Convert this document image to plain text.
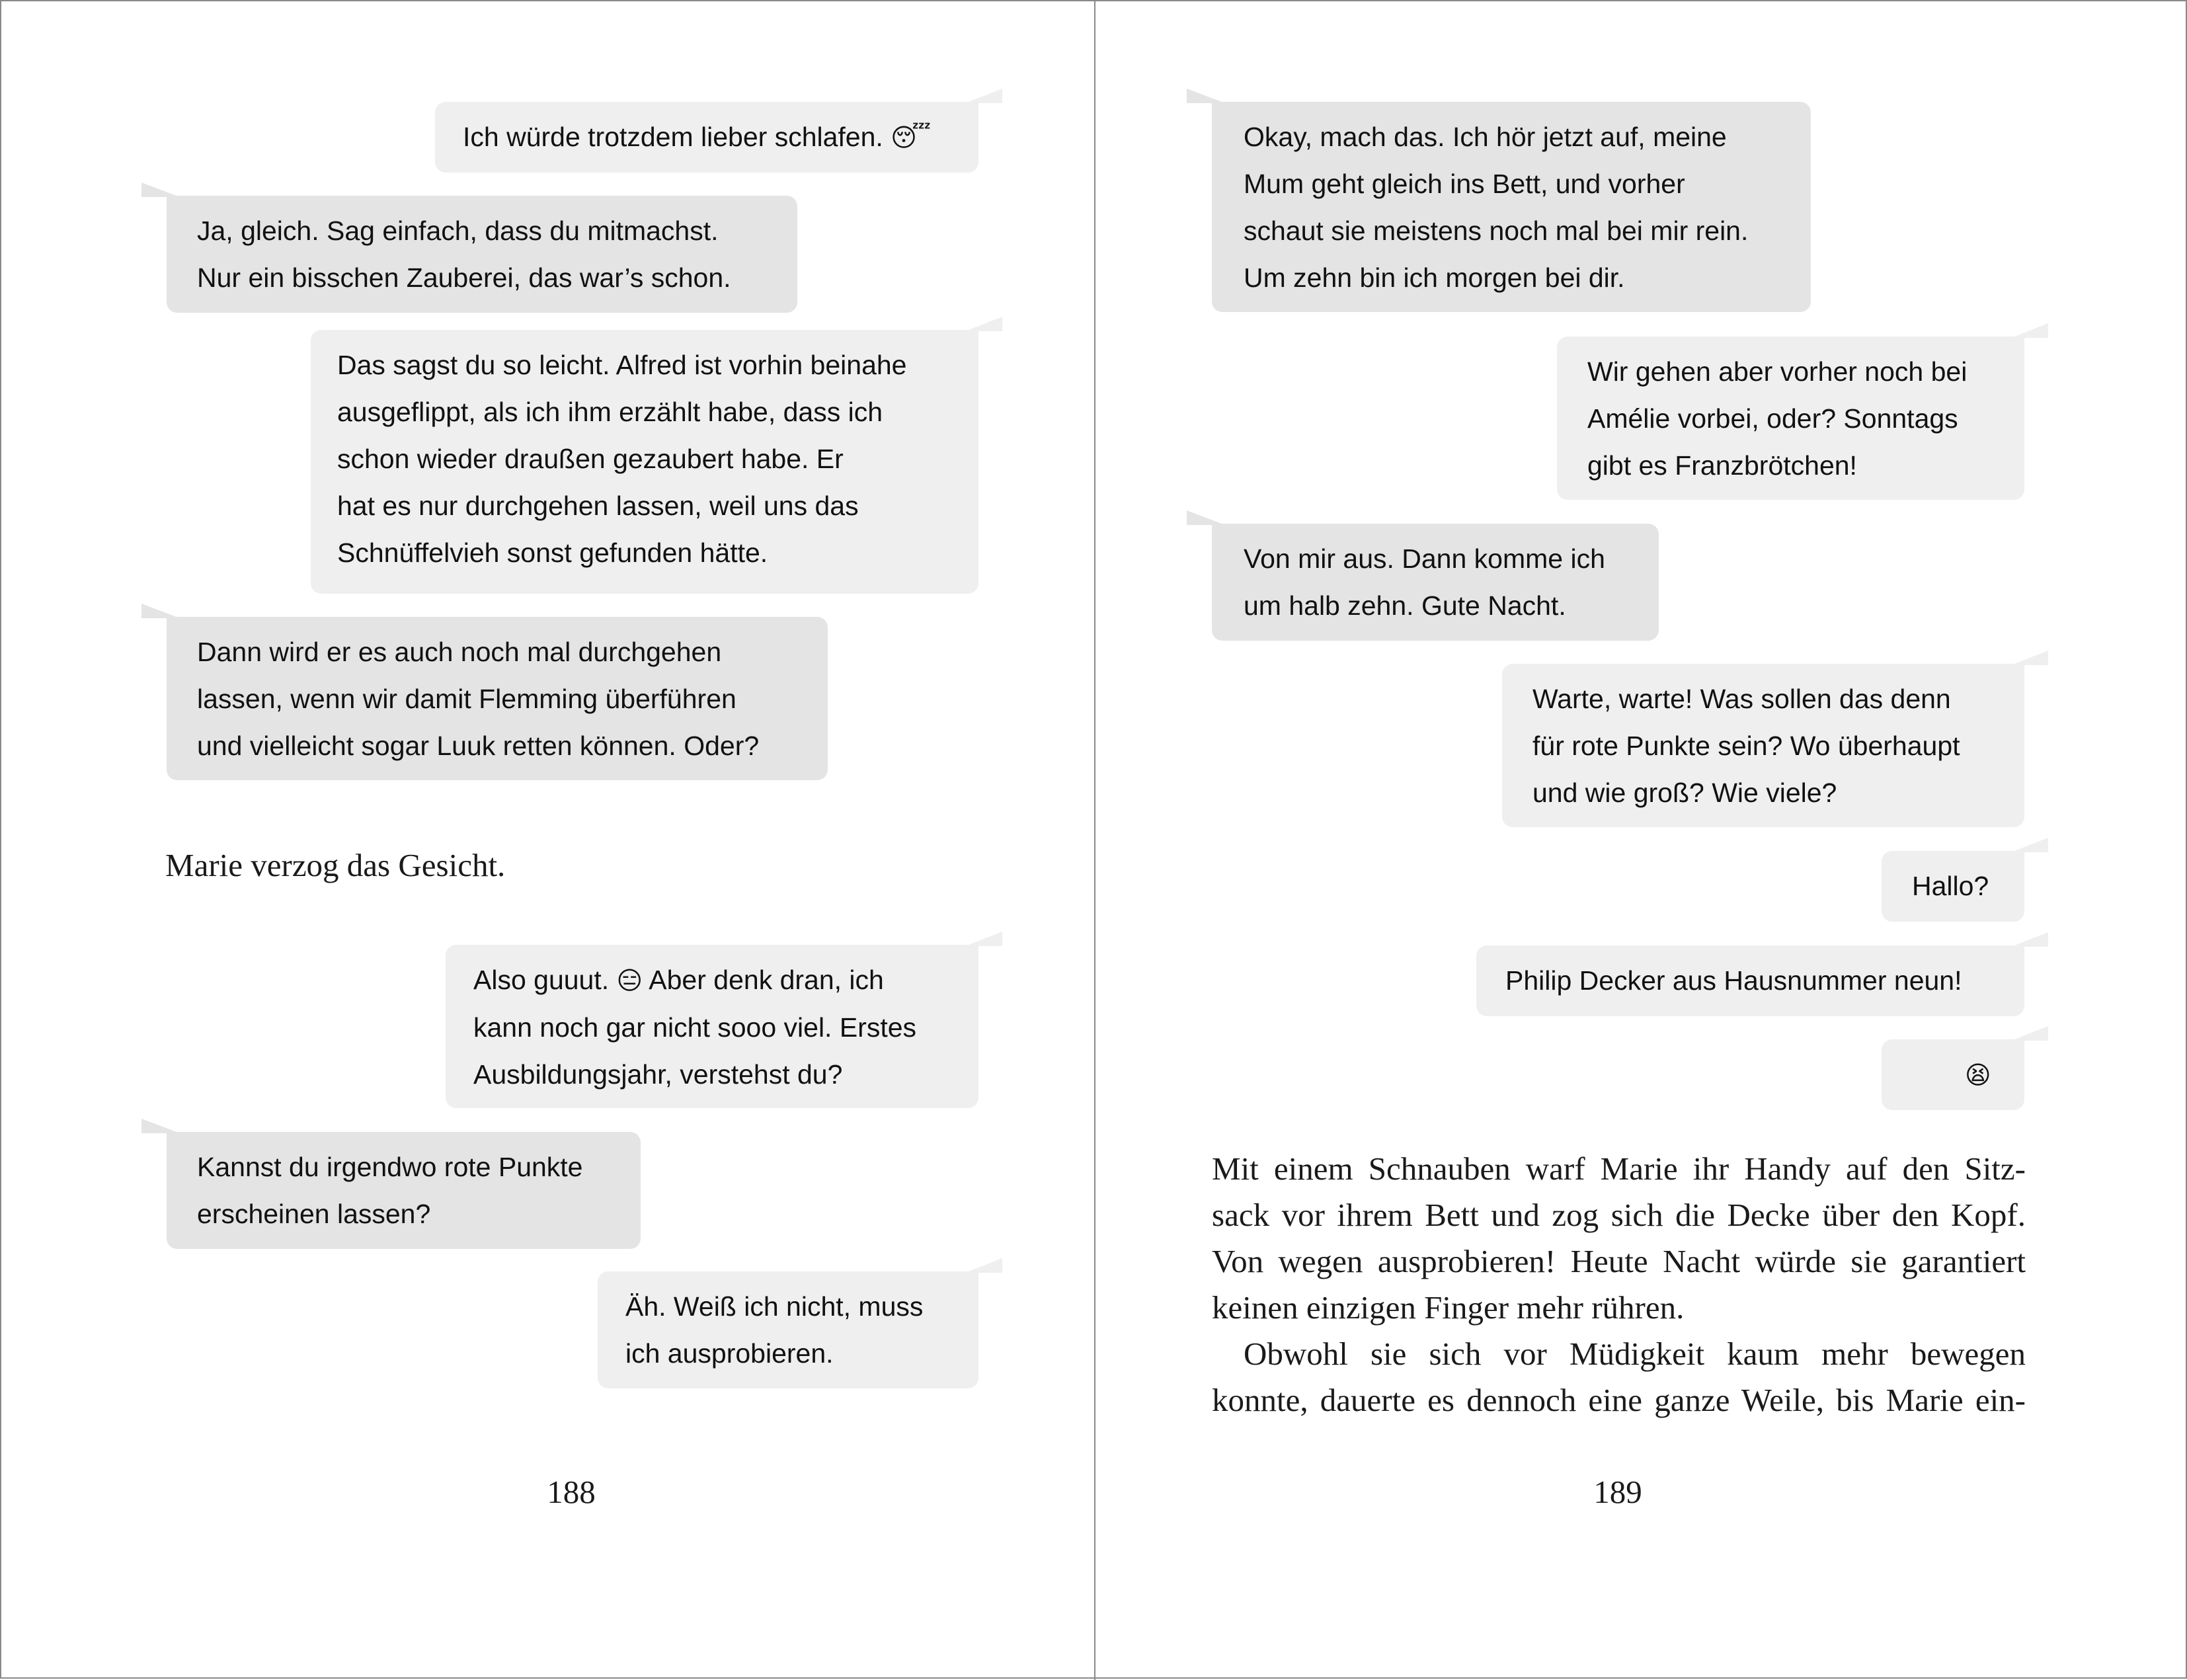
Ich würde trotzdem lieber schlafen. 😴
Ja, gleich. Sag einfach, dass du mitmachst.
Nur ein bisschen Zauberei, das war’s schon.
Das sagst du so leicht. Alfred ist vorhin beinahe
ausgeflippt, als ich ihm erzählt habe, dass ich
schon wieder draußen gezaubert habe. Er
hat es nur durchgehen lassen, weil uns das
Schnüffelvieh sonst gefunden hätte.
Dann wird er es auch noch mal durchgehen
lassen, wenn wir damit Flemming überführen
und vielleicht sogar Luuk retten können. Oder?

Marie verzog das Gesicht.

Also guuut. 😑 Aber denk dran, ich
kann noch gar nicht sooo viel. Erstes
Ausbildungsjahr, verstehst du?
Kannst du irgendwo rote Punkte
erscheinen lassen?
Äh. Weiß ich nicht, muss
ich ausprobieren.
188
Okay, mach das. Ich hör jetzt auf, meine
Mum geht gleich ins Bett, und vorher
schaut sie meistens noch mal bei mir rein.
Um zehn bin ich morgen bei dir.
Wir gehen aber vorher noch bei
Amélie vorbei, oder? Sonntags
gibt es Franzbrötchen!
Von mir aus. Dann komme ich
um halb zehn. Gute Nacht.
Warte, warte! Was sollen das denn
für rote Punkte sein? Wo überhaupt
und wie groß? Wie viele?
Hallo?
Philip Decker aus Hausnummer neun!
😫

Mit einem Schnauben warf Marie ihr Handy auf den Sitz- sack vor ihrem Bett und zog sich die Decke über den Kopf. Von wegen ausprobieren! Heute Nacht würde sie garantiert

keinen einzigen Finger mehr rühren.

Obwohl sie sich vor Müdigkeit kaum mehr bewegen konnte, dauerte es dennoch eine ganze Weile, bis Marie ein-

189
